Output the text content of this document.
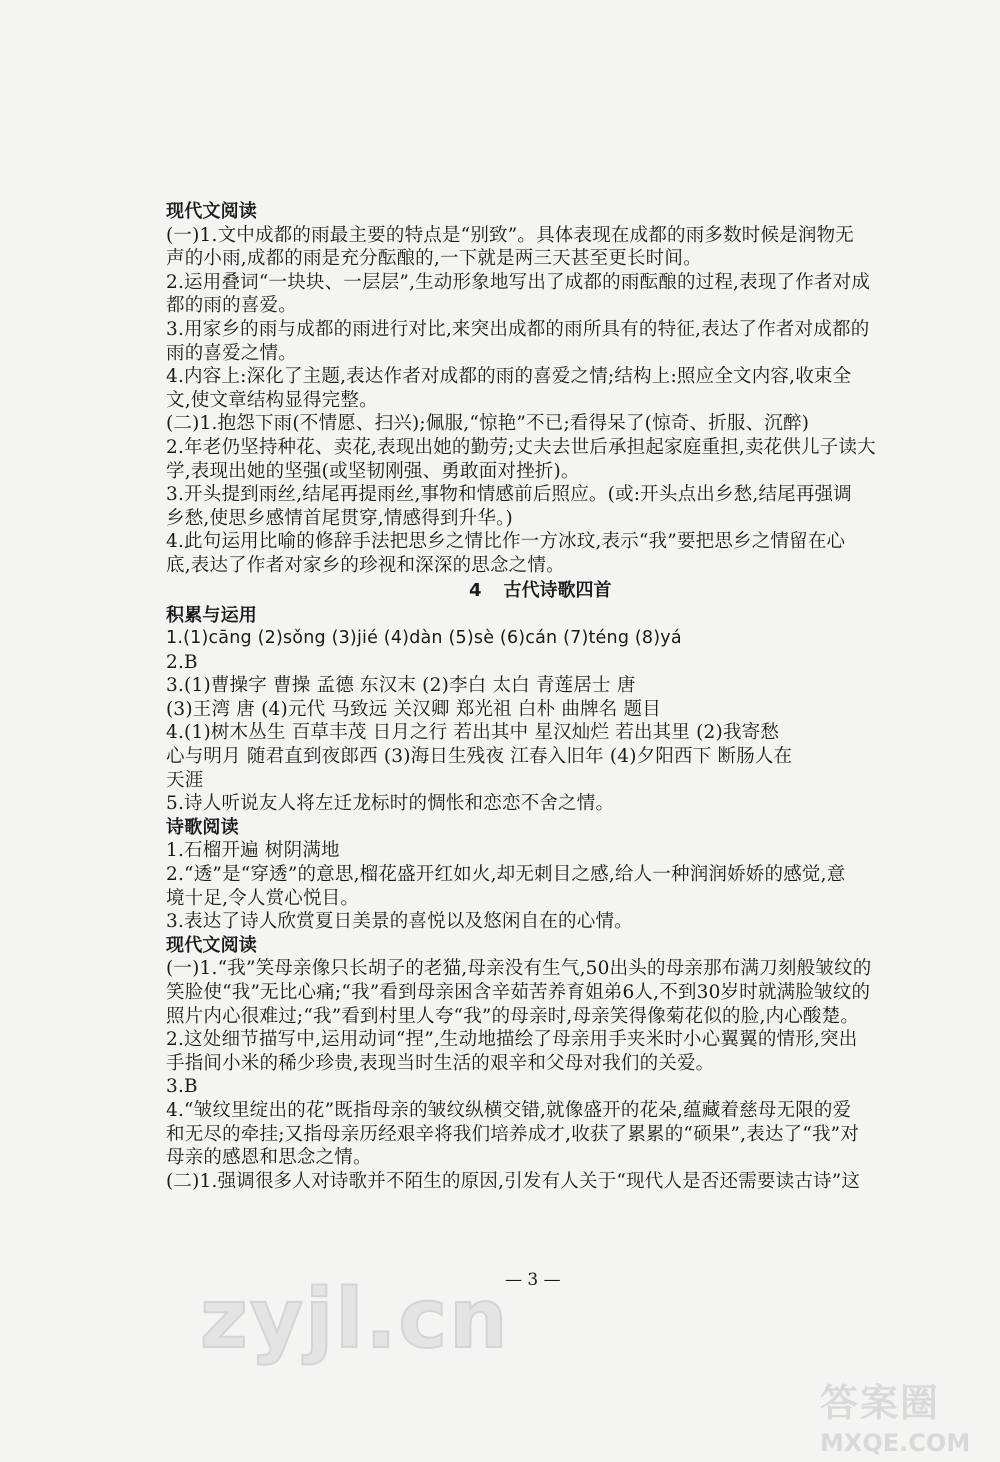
现代文阅读
(一)1.文中成都的雨最主要的特点是“别致”。具体表现在成都的雨多数时候是润物无
声的小雨,成都的雨是充分酝酿的,一下就是两三天甚至更长时间。
2.运用叠词“一块块、一层层”,生动形象地写出了成都的雨酝酿的过程,表现了作者对成
都的雨的喜爱。
3.用家乡的雨与成都的雨进行对比,来突出成都的雨所具有的特征,表达了作者对成都的
雨的喜爱之情。
4.内容上:深化了主题,表达作者对成都的雨的喜爱之情;结构上:照应全文内容,收束全
文,使文章结构显得完整。
(二)1.抱怨下雨(不情愿、扫兴);佩服,“惊艳”不已;看得呆了(惊奇、折服、沉醉)
2.年老仍坚持种花、卖花,表现出她的勤劳;丈夫去世后承担起家庭重担,卖花供儿子读大
学,表现出她的坚强(或坚韧刚强、勇敢面对挫折)。
3.开头提到雨丝,结尾再提雨丝,事物和情感前后照应。(或:开头点出乡愁,结尾再强调
乡愁,使思乡感情首尾贯穿,情感得到升华。)
4.此句运用比喻的修辞手法把思乡之情比作一方冰玟,表示“我”要把思乡之情留在心
底,表达了作者对家乡的珍视和深深的思念之情。
4 古代诗歌四首
积累与运用
1.(1)cāng (2)sǒng (3)jié (4)dàn (5)sè (6)cán (7)téng (8)yá
2.B
3.(1)曹操字 曹操 孟德 东汉末 (2)李白 太白 青莲居士 唐
(3)王湾 唐 (4)元代 马致远 关汉卿 郑光祖 白朴 曲牌名 题目
4.(1)树木丛生 百草丰茂 日月之行 若出其中 星汉灿烂 若出其里 (2)我寄愁
心与明月 随君直到夜郎西 (3)海日生残夜 江春入旧年 (4)夕阳西下 断肠人在
天涯
5.诗人听说友人将左迁龙标时的惆怅和恋恋不舍之情。
诗歌阅读
1.石榴开遍 树阴满地
2.“透”是“穿透”的意思,榴花盛开红如火,却无刺目之感,给人一种润润娇娇的感觉,意
境十足,令人赏心悦目。
3.表达了诗人欣赏夏日美景的喜悦以及悠闲自在的心情。
现代文阅读
(一)1.“我”笑母亲像只长胡子的老猫,母亲没有生气,50出头的母亲那布满刀刻般皱纹的
笑脸使“我”无比心痛;“我”看到母亲困含辛茹苦养育姐弟6人,不到30岁时就满脸皱纹的
照片内心很难过;“我”看到村里人夸“我”的母亲时,母亲笑得像菊花似的脸,内心酸楚。
2.这处细节描写中,运用动词“捏”,生动地描绘了母亲用手夹米时小心翼翼的情形,突出
手指间小米的稀少珍贵,表现当时生活的艰辛和父母对我们的关爱。
3.B
4.“皱纹里绽出的花”既指母亲的皱纹纵横交错,就像盛开的花朵,蕴藏着慈母无限的爱
和无尽的牵挂;又指母亲历经艰辛将我们培养成才,收获了累累的“硕果”,表达了“我”对
母亲的感恩和思念之情。
(二)1.强调很多人对诗歌并不陌生的原因,引发有人关于“现代人是否还需要读古诗”这
— 3 —
zyjl.cn
答案圈
MXQE.COM
